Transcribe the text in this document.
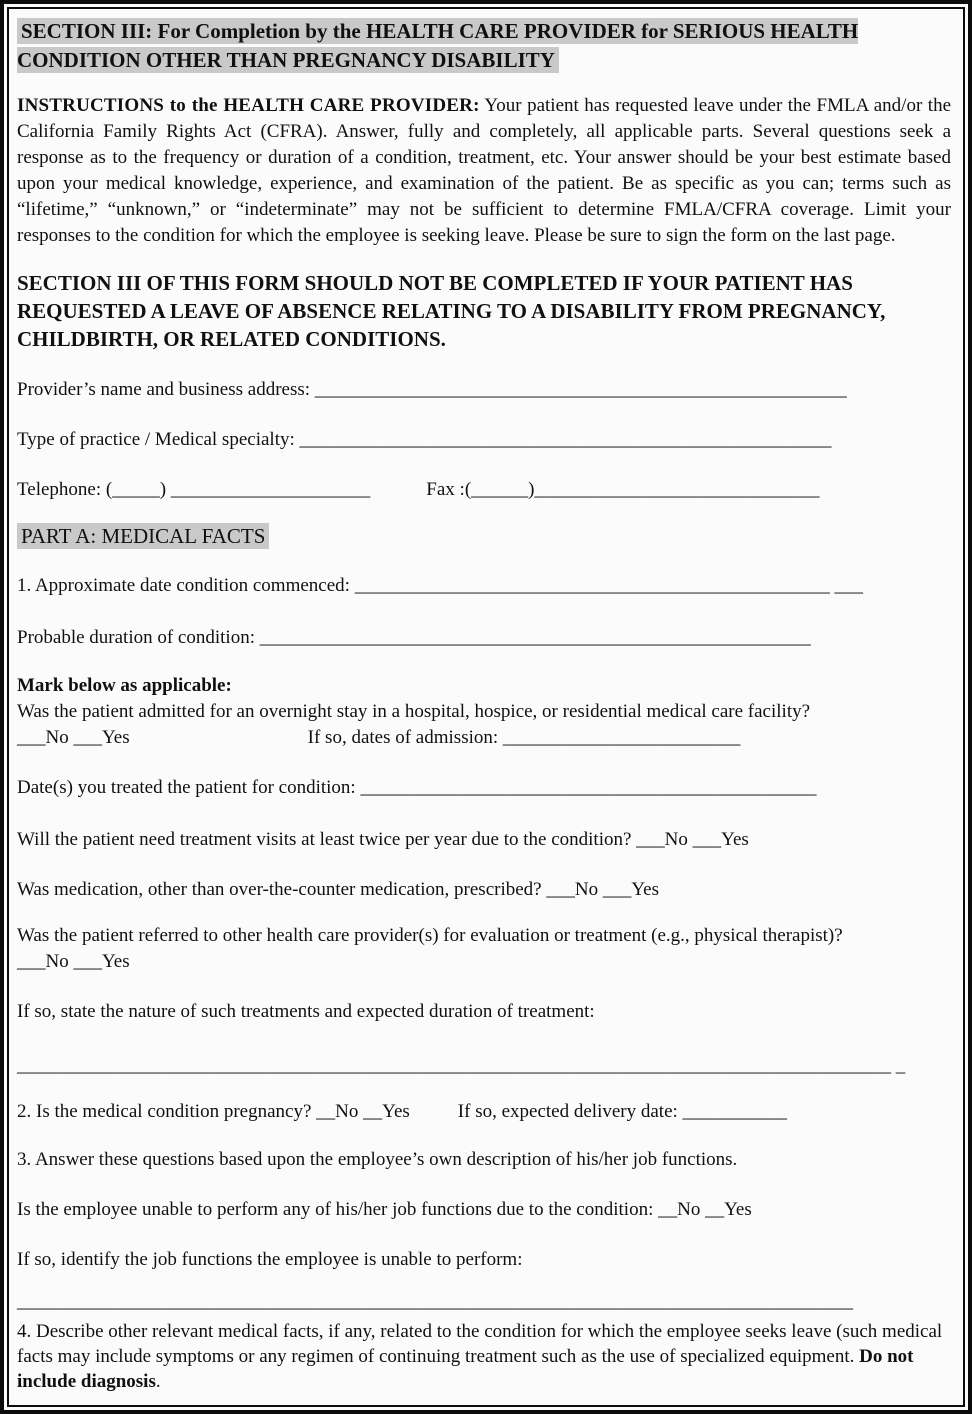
SECTION III: For Completion by the HEALTH CARE PROVIDER for SERIOUS HEALTH CONDITION OTHER THAN PREGNANCY DISABILITY

INSTRUCTIONS to the HEALTH CARE PROVIDER: Your patient has requested leave under the FMLA and/or the California Family Rights Act (CFRA). Answer, fully and completely, all applicable parts. Several questions seek a response as to the frequency or duration of a condition, treatment, etc. Your answer should be your best estimate based upon your medical knowledge, experience, and examination of the patient. Be as specific as you can; terms such as “lifetime,” “unknown,” or “indeterminate” may not be sufficient to determine FMLA/CFRA coverage. Limit your responses to the condition for which the employee is seeking leave. Please be sure to sign the form on the last page.

SECTION III OF THIS FORM SHOULD NOT BE COMPLETED IF YOUR PATIENT HAS REQUESTED A LEAVE OF ABSENCE RELATING TO A DISABILITY FROM PREGNANCY, CHILDBIRTH, OR RELATED CONDITIONS.

Provider’s name and business address: ________________________________________________________

Type of practice / Medical specialty: ________________________________________________________

Telephone: (_____) _____________________	Fax :(______)______________________________

PART A: MEDICAL FACTS

1. Approximate date condition commenced: __________________________________________________ ___

Probable duration of condition: __________________________________________________________

Mark below as applicable:

Was the patient admitted for an overnight stay in a hospital, hospice, or residential medical care facility?

___No ___Yes	If so, dates of admission: _________________________

Date(s) you treated the patient for condition: ________________________________________________

Will the patient need treatment visits at least twice per year due to the condition? ___No ___Yes

Was medication, other than over-the-counter medication, prescribed? ___No ___Yes

Was the patient referred to other health care provider(s) for evaluation or treatment (e.g., physical therapist)?
___No ___Yes

If so, state the nature of such treatments and expected duration of treatment:

____________________________________________________________________________________________ _

2. Is the medical condition pregnancy? __No __Yes	If so, expected delivery date: ___________

3. Answer these questions based upon the employee’s own description of his/her job functions.

Is the employee unable to perform any of his/her job functions due to the condition: __No __Yes

If so, identify the job functions the employee is unable to perform:

________________________________________________________________________________________

4. Describe other relevant medical facts, if any, related to the condition for which the employee seeks leave (such medical facts may include symptoms or any regimen of continuing treatment such as the use of specialized equipment. Do not include diagnosis.
